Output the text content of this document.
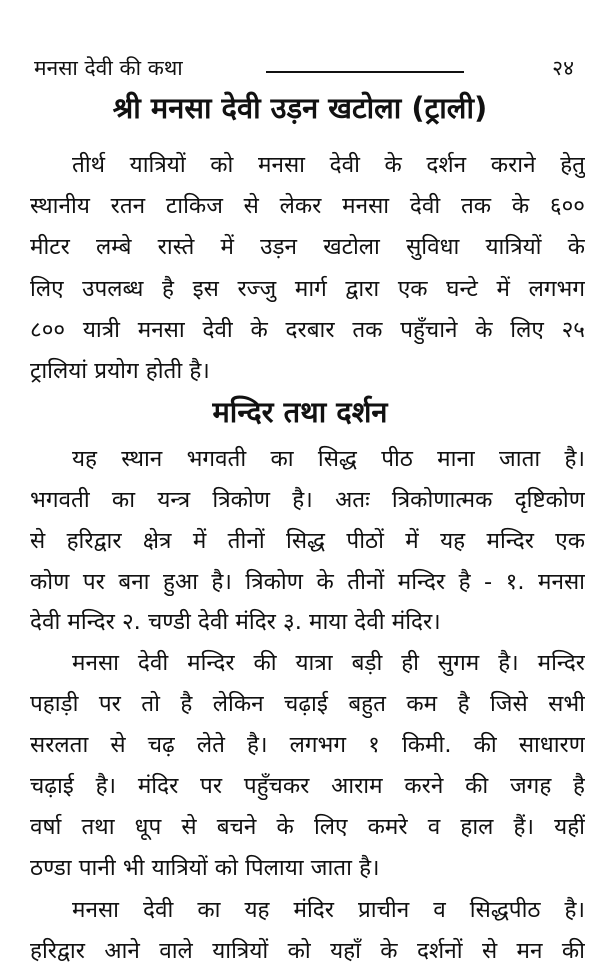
मनसा देवी की कथा	२४
श्री मनसा देवी उड़न खटोला (ट्राली)
तीर्थ यात्रियों को मनसा देवी के दर्शन कराने हेतु
स्थानीय रतन टाकिज से लेकर मनसा देवी तक के ६००
मीटर लम्बे रास्ते में उड़न खटोला सुविधा यात्रियों के
लिए उपलब्ध है इस रज्जु मार्ग द्वारा एक घन्टे में लगभग
८०० यात्री मनसा देवी के दरबार तक पहुँचाने के लिए २५
ट्रालियां प्रयोग होती है।
मन्दिर तथा दर्शन
यह स्थान भगवती का सिद्ध पीठ माना जाता है।
भगवती का यन्त्र त्रिकोण है। अतः त्रिकोणात्मक दृष्टिकोण
से हरिद्वार क्षेत्र में तीनों सिद्ध पीठों में यह मन्दिर एक
कोण पर बना हुआ है। त्रिकोण के तीनों मन्दिर है - १. मनसा
देवी मन्दिर २. चण्डी देवी मंदिर ३. माया देवी मंदिर।
मनसा देवी मन्दिर की यात्रा बड़ी ही सुगम है। मन्दिर
पहाड़ी पर तो है लेकिन चढ़ाई बहुत कम है जिसे सभी
सरलता से चढ़ लेते है। लगभग १ किमी. की साधारण
चढ़ाई है। मंदिर पर पहुँचकर आराम करने की जगह है
वर्षा तथा धूप से बचने के लिए कमरे व हाल हैं। यहीं
ठण्डा पानी भी यात्रियों को पिलाया जाता है।
मनसा देवी का यह मंदिर प्राचीन व सिद्धपीठ है।
हरिद्वार आने वाले यात्रियों को यहाँ के दर्शनों से मन की
